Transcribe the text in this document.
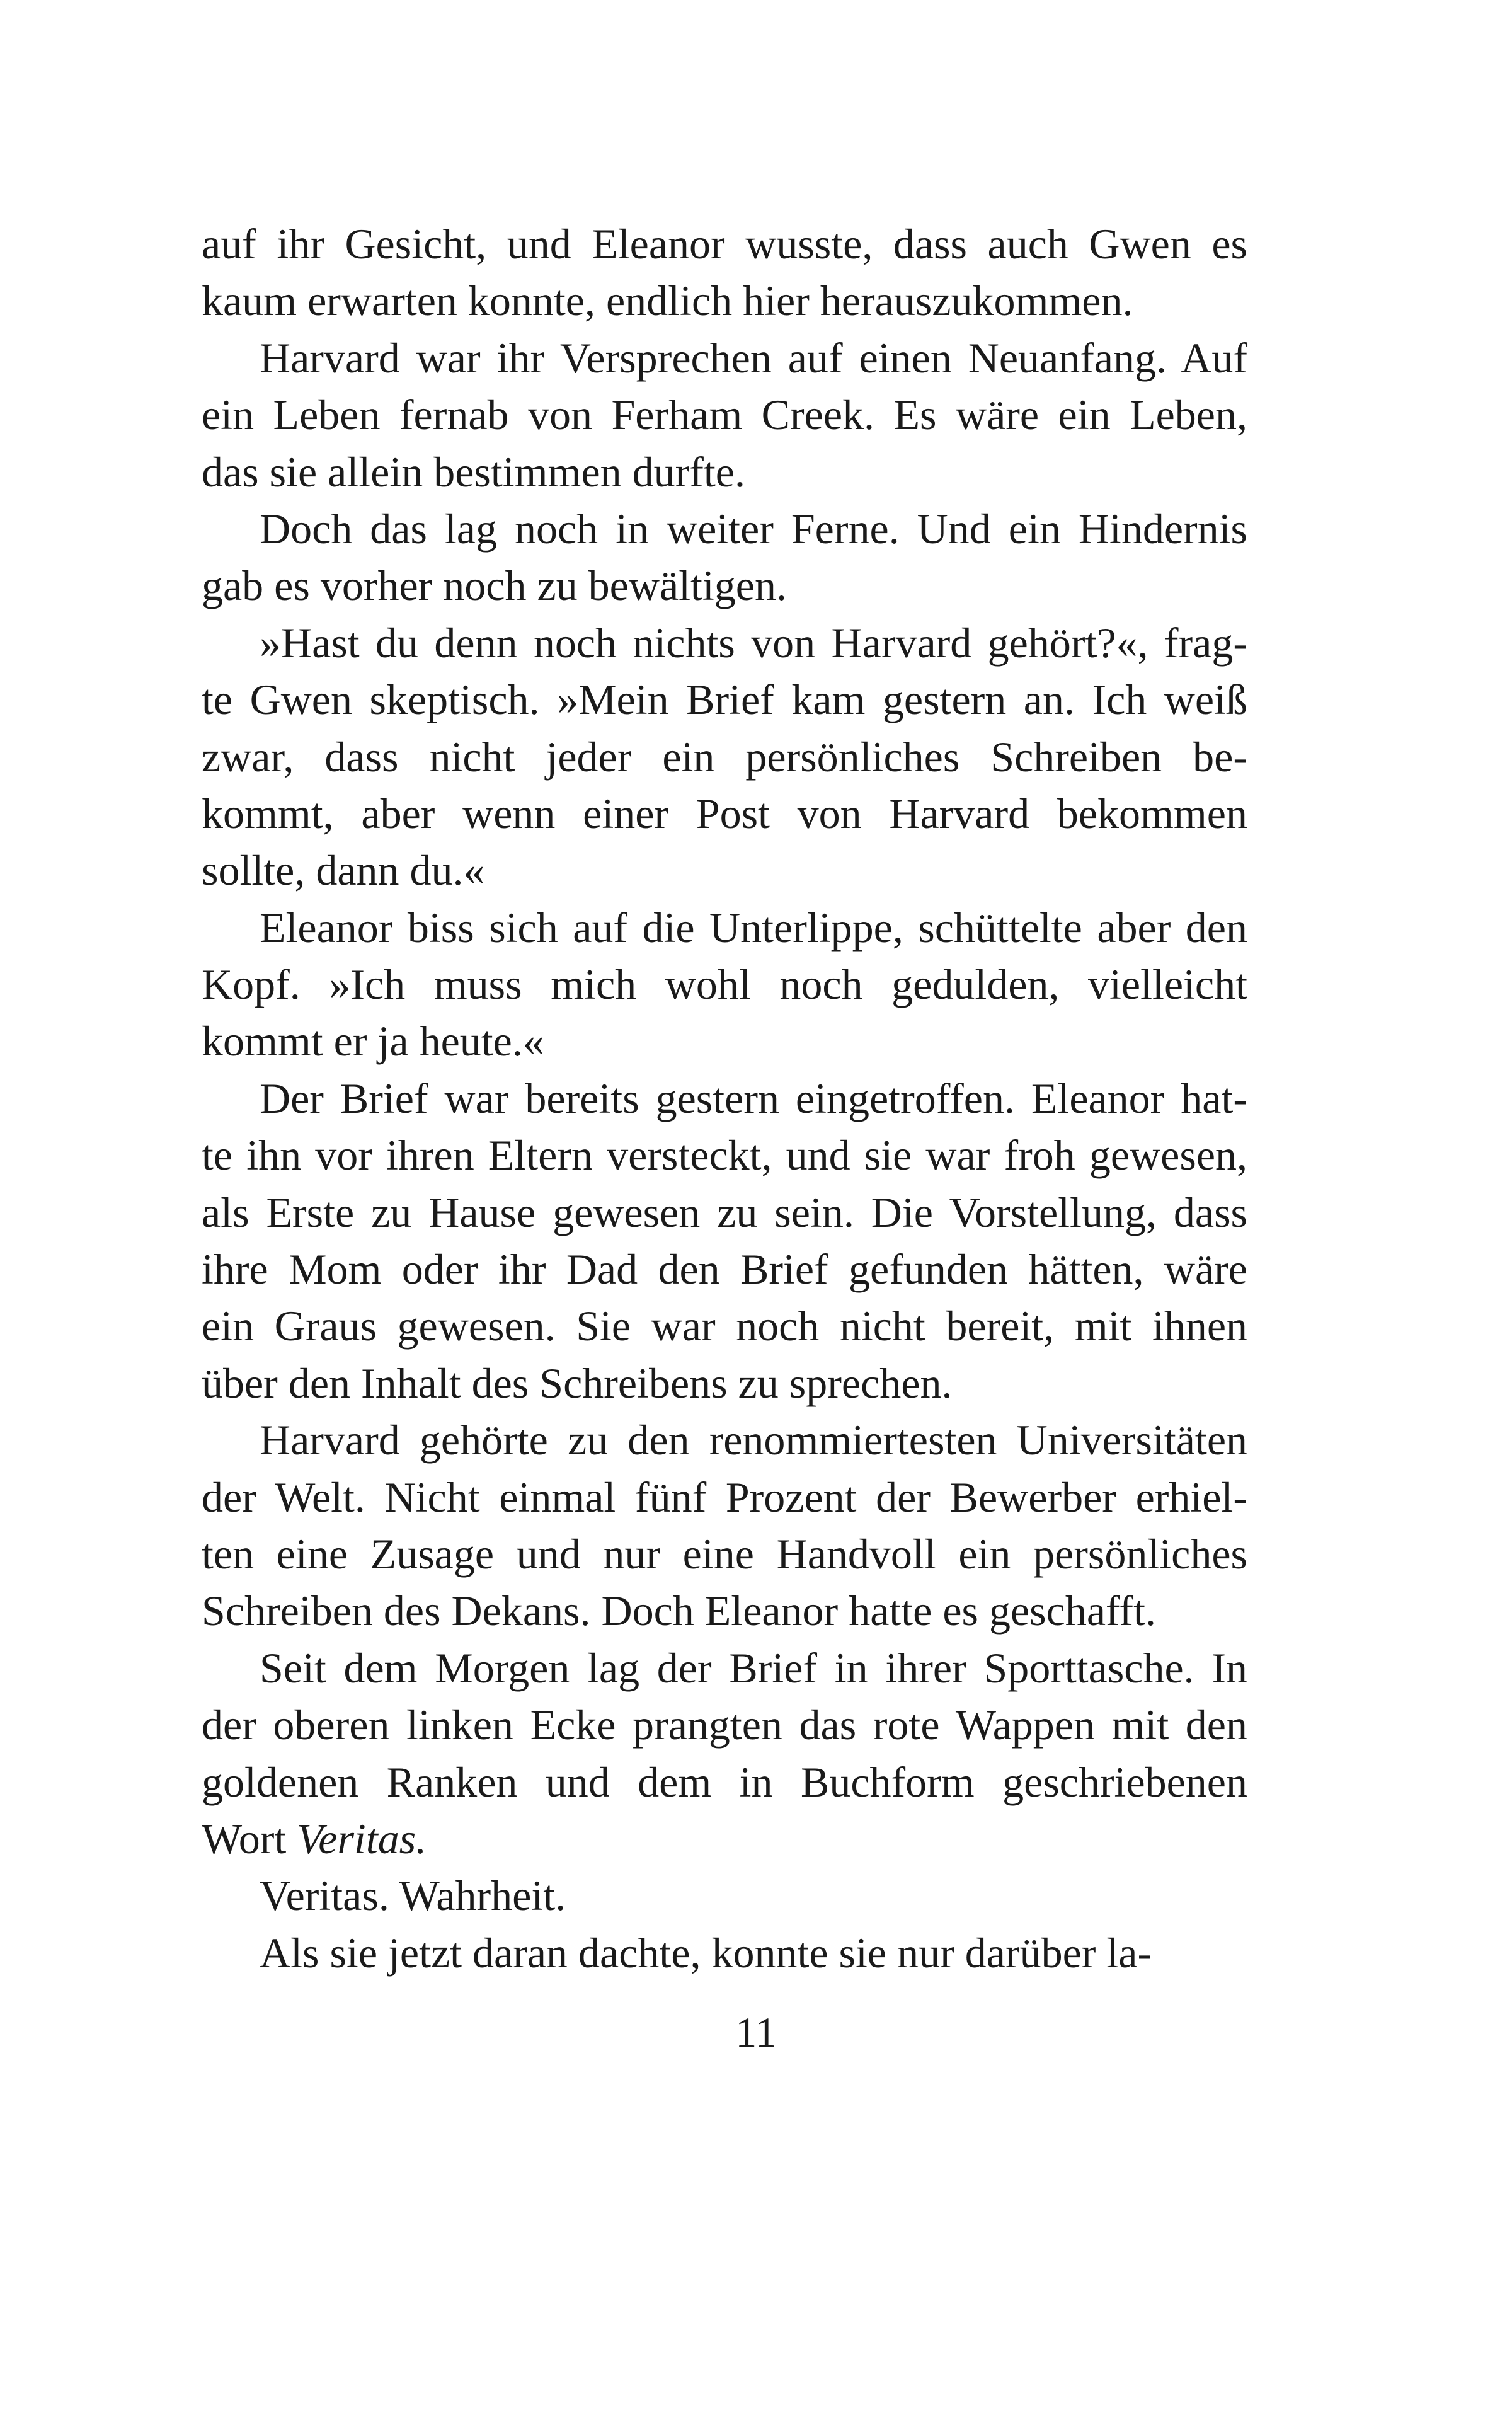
auf ihr Gesicht, und Eleanor wusste, dass auch Gwen es
kaum erwarten konnte, endlich hier herauszukommen.
Harvard war ihr Versprechen auf einen Neuanfang. Auf
ein Leben fernab von Ferham Creek. Es wäre ein Leben,
das sie allein bestimmen durfte.
Doch das lag noch in weiter Ferne. Und ein Hindernis
gab es vorher noch zu bewältigen.
»Hast du denn noch nichts von Harvard gehört?«, frag-
te Gwen skeptisch. »Mein Brief kam gestern an. Ich weiß
zwar, dass nicht jeder ein persönliches Schreiben be-
kommt, aber wenn einer Post von Harvard bekommen
sollte, dann du.«
Eleanor biss sich auf die Unterlippe, schüttelte aber den
Kopf. »Ich muss mich wohl noch gedulden, vielleicht
kommt er ja heute.«
Der Brief war bereits gestern eingetroffen. Eleanor hat-
te ihn vor ihren Eltern versteckt, und sie war froh gewesen,
als Erste zu Hause gewesen zu sein. Die Vorstellung, dass
ihre Mom oder ihr Dad den Brief gefunden hätten, wäre
ein Graus gewesen. Sie war noch nicht bereit, mit ihnen
über den Inhalt des Schreibens zu sprechen.
Harvard gehörte zu den renommiertesten Universitäten
der Welt. Nicht einmal fünf Prozent der Bewerber erhiel-
ten eine Zusage und nur eine Handvoll ein persönliches
Schreiben des Dekans. Doch Eleanor hatte es geschafft.
Seit dem Morgen lag der Brief in ihrer Sporttasche. In
der oberen linken Ecke prangten das rote Wappen mit den
goldenen Ranken und dem in Buchform geschriebenen
Wort Veritas.
Veritas. Wahrheit.
Als sie jetzt daran dachte, konnte sie nur darüber la-
11
